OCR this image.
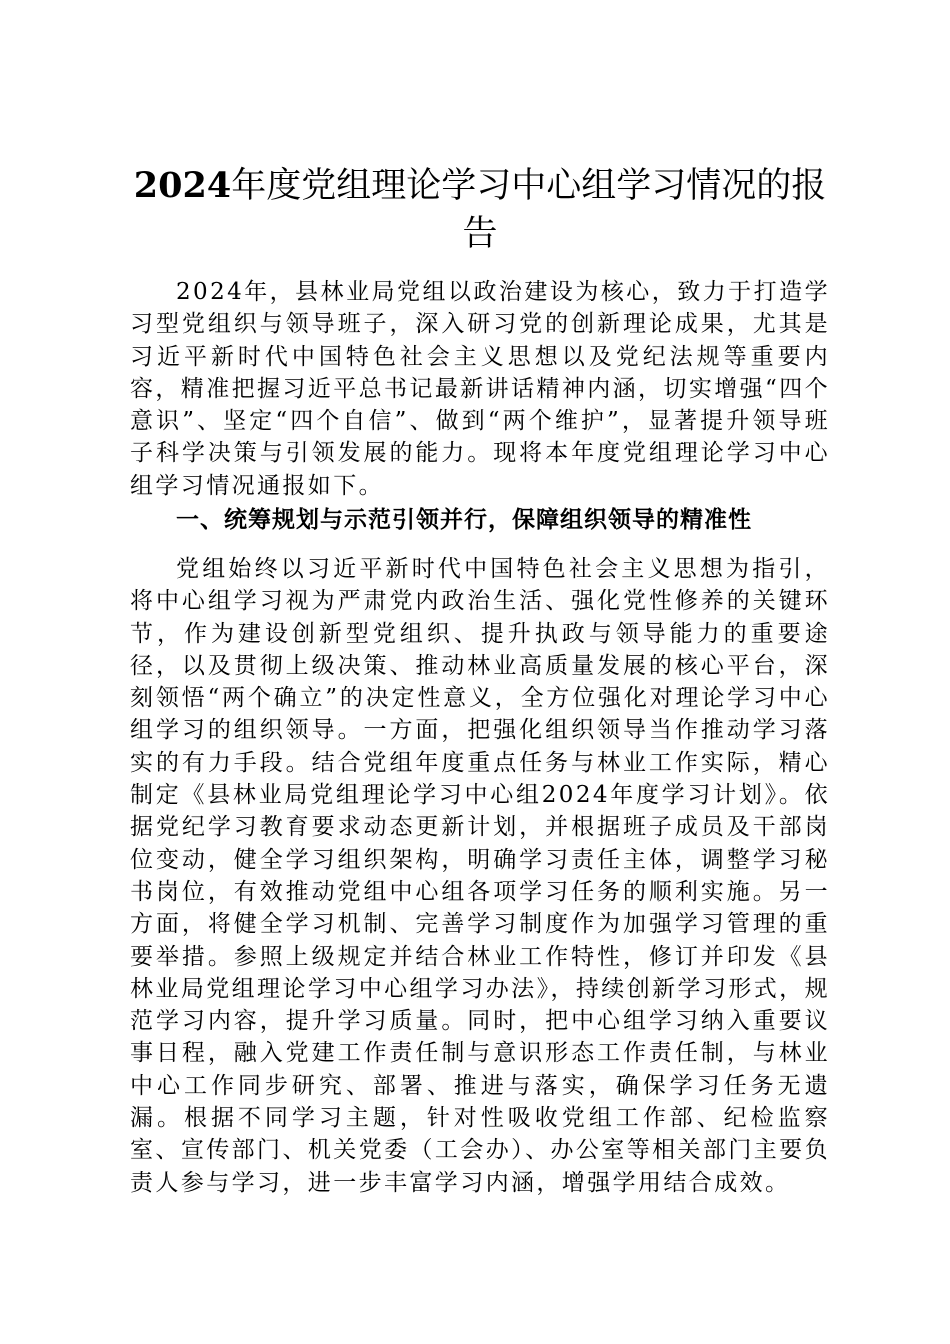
2024年度党组理论学习中心组学习情况的报告

2024年，县林业局党组以政治建设为核心，致力于打造学习型党组织与领导班子，深入研习党的创新理论成果，尤其是习近平新时代中国特色社会主义思想以及党纪法规等重要内容，精准把握习近平总书记最新讲话精神内涵，切实增强“四个意识”、坚定“四个自信”、做到“两个维护”，显著提升领导班子科学决策与引领发展的能力。现将本年度党组理论学习中心组学习情况通报如下。

一、统筹规划与示范引领并行，保障组织领导的精准性

党组始终以习近平新时代中国特色社会主义思想为指引，将中心组学习视为严肃党内政治生活、强化党性修养的关键环节，作为建设创新型党组织、提升执政与领导能力的重要途径，以及贯彻上级决策、推动林业高质量发展的核心平台，深刻领悟“两个确立”的决定性意义，全方位强化对理论学习中心组学习的组织领导。一方面，把强化组织领导当作推动学习落实的有力手段。结合党组年度重点任务与林业工作实际，精心制定《县林业局党组理论学习中心组2024年度学习计划》。依据党纪学习教育要求动态更新计划，并根据班子成员及干部岗位变动，健全学习组织架构，明确学习责任主体，调整学习秘书岗位，有效推动党组中心组各项学习任务的顺利实施。另一方面，将健全学习机制、完善学习制度作为加强学习管理的重要举措。参照上级规定并结合林业工作特性，修订并印发《县林业局党组理论学习中心组学习办法》，持续创新学习形式，规范学习内容，提升学习质量。同时，把中心组学习纳入重要议事日程，融入党建工作责任制与意识形态工作责任制，与林业中心工作同步研究、部署、推进与落实，确保学习任务无遗漏。根据不同学习主题，针对性吸收党组工作部、纪检监察室、宣传部门、机关党委（工会办）、办公室等相关部门主要负责人参与学习，进一步丰富学习内涵，增强学用结合成效。
